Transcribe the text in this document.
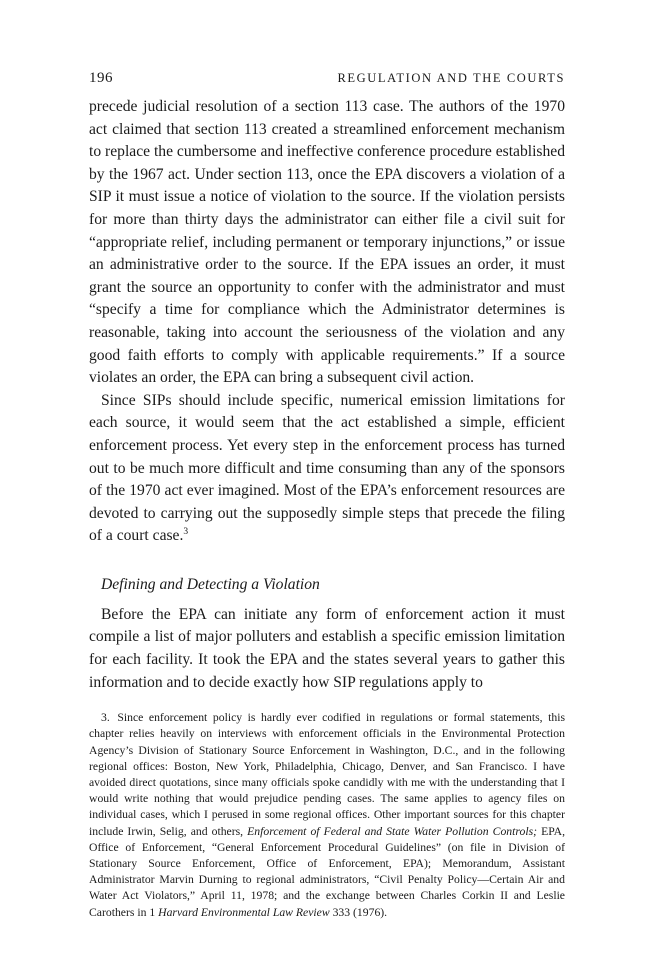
196	REGULATION AND THE COURTS

precede judicial resolution of a section 113 case. The authors of the 1970 act claimed that section 113 created a streamlined enforcement mechanism to replace the cumbersome and ineffective conference procedure established by the 1967 act. Under section 113, once the EPA discovers a violation of a SIP it must issue a notice of violation to the source. If the violation persists for more than thirty days the administrator can either file a civil suit for “appropriate relief, including permanent or temporary injunctions,” or issue an administrative order to the source. If the EPA issues an order, it must grant the source an opportunity to confer with the administrator and must “specify a time for compliance which the Administrator determines is reasonable, taking into account the seriousness of the violation and any good faith efforts to comply with applicable requirements.” If a source violates an order, the EPA can bring a subsequent civil action.

Since SIPs should include specific, numerical emission limitations for each source, it would seem that the act established a simple, efficient enforcement process. Yet every step in the enforcement process has turned out to be much more difficult and time consuming than any of the sponsors of the 1970 act ever imagined. Most of the EPA’s enforcement resources are devoted to carrying out the supposedly simple steps that precede the filing of a court case.$^3$

Defining and Detecting a Violation

Before the EPA can initiate any form of enforcement action it must compile a list of major polluters and establish a specific emission limitation for each facility. It took the EPA and the states several years to gather this information and to decide exactly how SIP regulations apply to

3. Since enforcement policy is hardly ever codified in regulations or formal statements, this chapter relies heavily on interviews with enforcement officials in the Environmental Protection Agency’s Division of Stationary Source Enforcement in Washington, D.C., and in the following regional offices: Boston, New York, Philadelphia, Chicago, Denver, and San Francisco. I have avoided direct quotations, since many officials spoke candidly with me with the understanding that I would write nothing that would prejudice pending cases. The same applies to agency files on individual cases, which I perused in some regional offices. Other important sources for this chapter include Irwin, Selig, and others, Enforcement of Federal and State Water Pollution Controls; EPA, Office of Enforcement, “General Enforcement Procedural Guidelines” (on file in Division of Stationary Source Enforcement, Office of Enforcement, EPA); Memorandum, Assistant Administrator Marvin Durning to regional administrators, “Civil Penalty Policy—Certain Air and Water Act Violators,” April 11, 1978; and the exchange between Charles Corkin II and Leslie Carothers in 1 Harvard Environmental Law Review 333 (1976).
